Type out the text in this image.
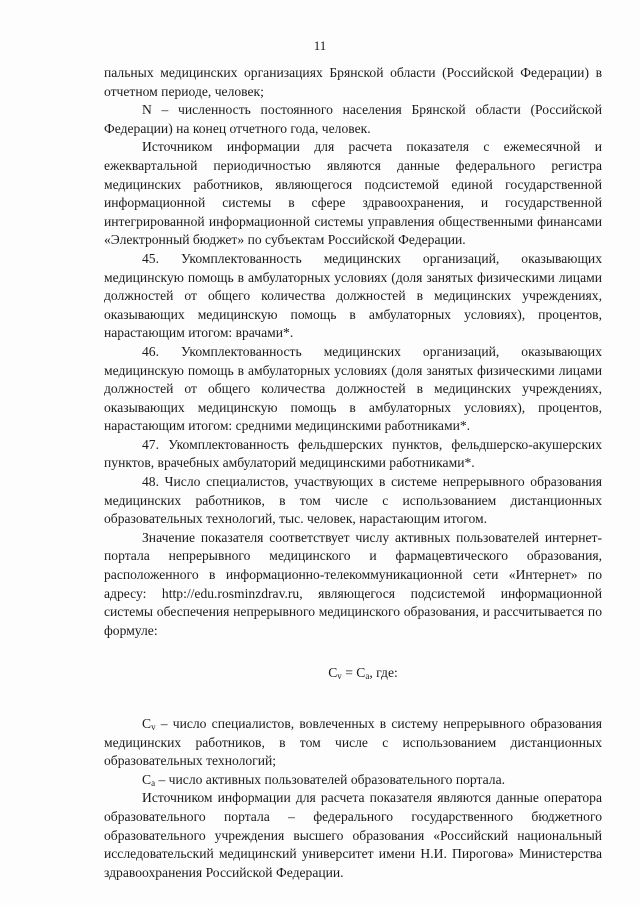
11

пальных медицинских организациях Брянской области (Российской Федерации) в отчетном периоде, человек;

N – численность постоянного населения Брянской области (Российской Федерации) на конец отчетного года, человек.

Источником информации для расчета показателя с ежемесячной и ежеквартальной периодичностью являются данные федерального регистра медицинских работников, являющегося подсистемой единой государственной информационной системы в сфере здравоохранения, и государственной интегрированной информационной системы управления общественными финансами «Электронный бюджет» по субъектам Российской Федерации.

45. Укомплектованность медицинских организаций, оказывающих медицинскую помощь в амбулаторных условиях (доля занятых физическими лицами должностей от общего количества должностей в медицинских учреждениях, оказывающих медицинскую помощь в амбулаторных условиях), процентов, нарастающим итогом: врачами*.

46. Укомплектованность медицинских организаций, оказывающих медицинскую помощь в амбулаторных условиях (доля занятых физическими лицами должностей от общего количества должностей в медицинских учреждениях, оказывающих медицинскую помощь в амбулаторных условиях), процентов, нарастающим итогом: средними медицинскими работниками*.

47. Укомплектованность фельдшерских пунктов, фельдшерско-акушерских пунктов, врачебных амбулаторий медицинскими работниками*.

48. Число специалистов, участвующих в системе непрерывного образования медицинских работников, в том числе с использованием дистанционных образовательных технологий, тыс. человек, нарастающим итогом.

Значение показателя соответствует числу активных пользователей интернет-портала непрерывного медицинского и фармацевтического образования, расположенного в информационно-телекоммуникационной сети «Интернет» по адресу: http://edu.rosminzdrav.ru, являющегося подсистемой информационной системы обеспечения непрерывного медицинского образования, и рассчитывается по формуле:

$C_v = C_a$, где:

$C_v$ – число специалистов, вовлеченных в систему непрерывного образования медицинских работников, в том числе с использованием дистанционных образовательных технологий;

$C_a$ – число активных пользователей образовательного портала.

Источником информации для расчета показателя являются данные оператора образовательного портала – федерального государственного бюджетного образовательного учреждения высшего образования «Российский национальный исследовательский медицинский университет имени Н.И. Пирогова» Министерства здравоохранения Российской Федерации.
